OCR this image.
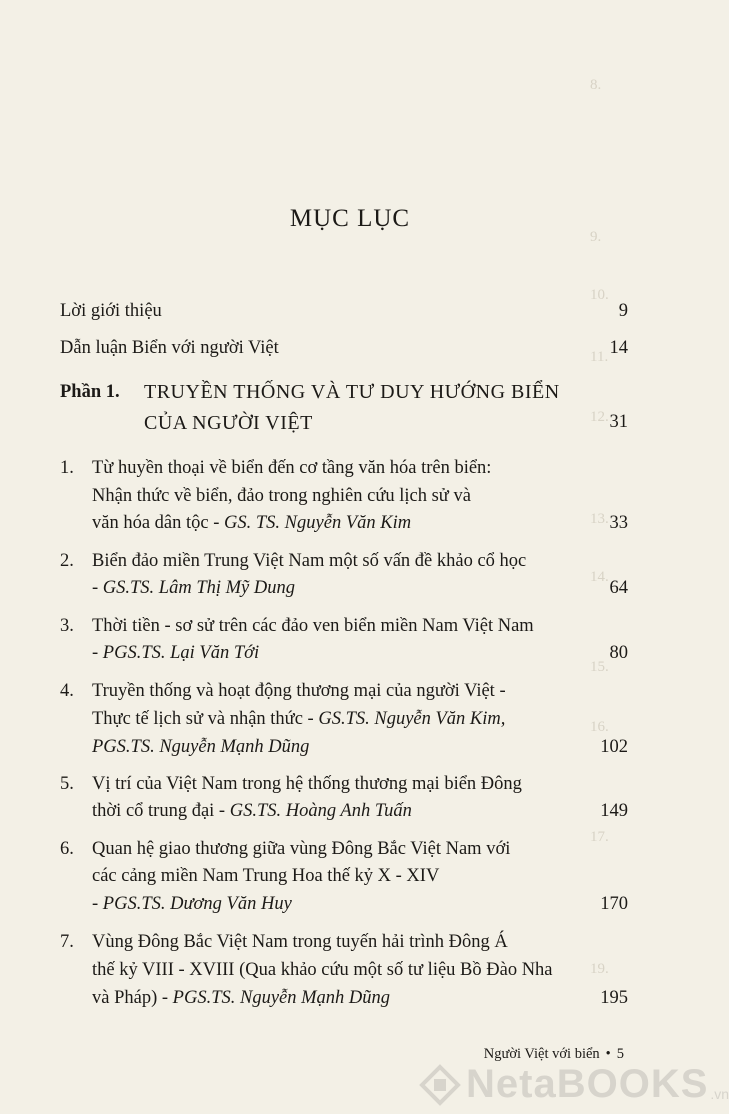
8.
9.
10.
11.
12.
13.
14.
15.
16.
17.
19.
MỤC LỤC
Lời giới thiệu	9
Dẫn luận Biển với người Việt	14
Phần 1. TRUYỀN THỐNG VÀ TƯ DUY HƯỚNG BIỂN
CỦA NGƯỜI VIỆT	31
1. Từ huyền thoại về biển đến cơ tầng văn hóa trên biển:
Nhận thức về biển, đảo trong nghiên cứu lịch sử và
văn hóa dân tộc - GS. TS. Nguyễn Văn Kim	33
2. Biển đảo miền Trung Việt Nam một số vấn đề khảo cổ học
- GS.TS. Lâm Thị Mỹ Dung	64
3. Thời tiền - sơ sử trên các đảo ven biển miền Nam Việt Nam
- PGS.TS. Lại Văn Tới	80
4. Truyền thống và hoạt động thương mại của người Việt -
Thực tế lịch sử và nhận thức - GS.TS. Nguyễn Văn Kim,
PGS.TS. Nguyễn Mạnh Dũng	102
5. Vị trí của Việt Nam trong hệ thống thương mại biển Đông
thời cổ trung đại - GS.TS. Hoàng Anh Tuấn	149
6. Quan hệ giao thương giữa vùng Đông Bắc Việt Nam với
các cảng miền Nam Trung Hoa thế kỷ X - XIV
- PGS.TS. Dương Văn Huy	170
7. Vùng Đông Bắc Việt Nam trong tuyến hải trình Đông Á
thế kỷ VIII - XVIII (Qua khảo cứu một số tư liệu Bồ Đào Nha
và Pháp) - PGS.TS. Nguyễn Mạnh Dũng	195
Người Việt với biển • 5
NetaBOOKS .vn
